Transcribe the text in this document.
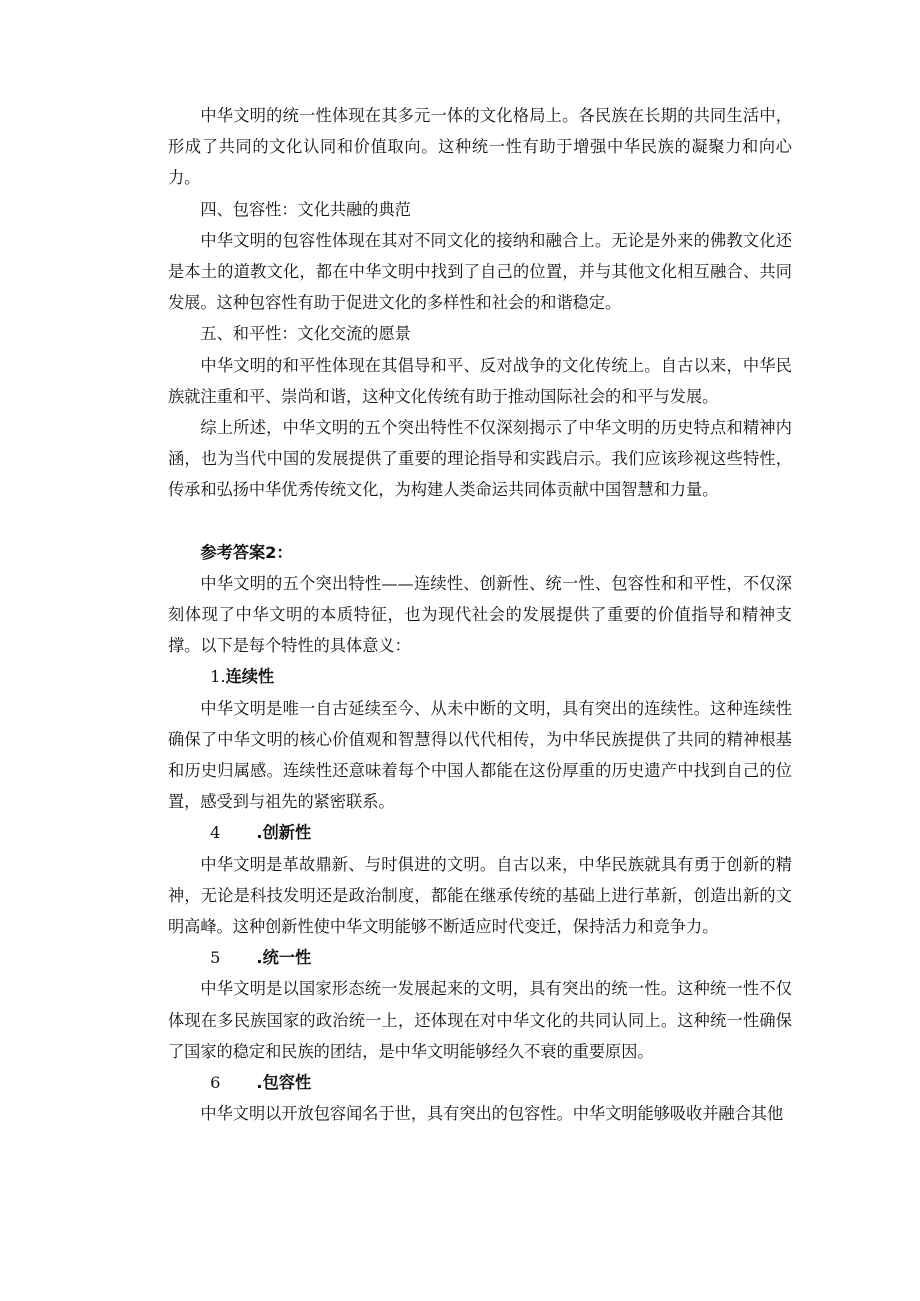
中华文明的统一性体现在其多元一体的文化格局上。各民族在长期的共同生活中，形成了共同的文化认同和价值取向。这种统一性有助于增强中华民族的凝聚力和向心力。

四、包容性：文化共融的典范

中华文明的包容性体现在其对不同文化的接纳和融合上。无论是外来的佛教文化还是本土的道教文化，都在中华文明中找到了自己的位置，并与其他文化相互融合、共同发展。这种包容性有助于促进文化的多样性和社会的和谐稳定。

五、和平性：文化交流的愿景

中华文明的和平性体现在其倡导和平、反对战争的文化传统上。自古以来，中华民族就注重和平、崇尚和谐，这种文化传统有助于推动国际社会的和平与发展。

综上所述，中华文明的五个突出特性不仅深刻揭示了中华文明的历史特点和精神内涵，也为当代中国的发展提供了重要的理论指导和实践启示。我们应该珍视这些特性，传承和弘扬中华优秀传统文化，为构建人类命运共同体贡献中国智慧和力量。

参考答案2：

中华文明的五个突出特性——连续性、创新性、统一性、包容性和和平性，不仅深刻体现了中华文明的本质特征，也为现代社会的发展提供了重要的价值指导和精神支撑。以下是每个特性的具体意义：

1.连续性

中华文明是唯一自古延续至今、从未中断的文明，具有突出的连续性。这种连续性确保了中华文明的核心价值观和智慧得以代代相传，为中华民族提供了共同的精神根基和历史归属感。连续性还意味着每个中国人都能在这份厚重的历史遗产中找到自己的位置，感受到与祖先的紧密联系。

4 .创新性

中华文明是革故鼎新、与时俱进的文明。自古以来，中华民族就具有勇于创新的精神，无论是科技发明还是政治制度，都能在继承传统的基础上进行革新，创造出新的文明高峰。这种创新性使中华文明能够不断适应时代变迁，保持活力和竞争力。

5 .统一性

中华文明是以国家形态统一发展起来的文明，具有突出的统一性。这种统一性不仅体现在多民族国家的政治统一上，还体现在对中华文化的共同认同上。这种统一性确保了国家的稳定和民族的团结，是中华文明能够经久不衰的重要原因。

6 .包容性

中华文明以开放包容闻名于世，具有突出的包容性。中华文明能够吸收并融合其他
